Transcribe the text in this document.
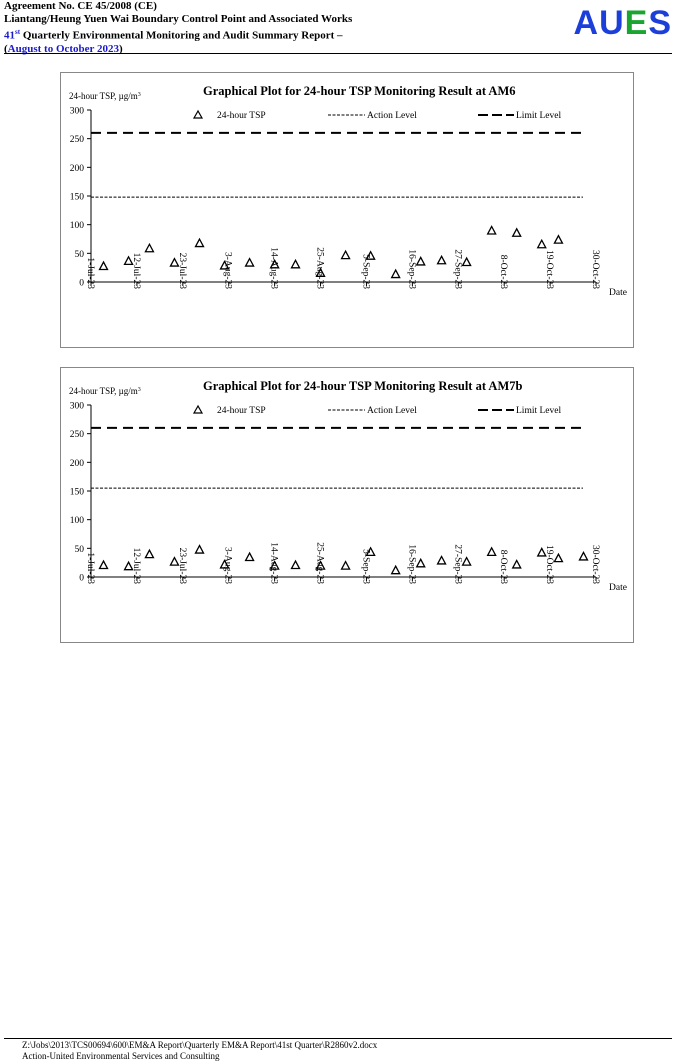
Agreement No. CE 45/2008 (CE)
Liantang/Heung Yuen Wai Boundary Control Point and Associated Works
41st Quarterly Environmental Monitoring and Audit Summary Report –
(August to October 2023)
AUES
Graphical Plot for 24-hour TSP Monitoring Result at AM6
24-hour TSP, $\mu g/m^3$
0
50
100
150
200
250
300
1-Jul-23	12-Jul-23	23-Jul-23	3-Aug-23	14-Aug-23	25-Aug-23	5-Sep-23	16-Sep-23	27-Sep-23	8-Oct-23	19-Oct-23	30-Oct-23
Date
24-hour TSP	Action Level	Limit Level
Graphical Plot for 24-hour TSP Monitoring Result at AM7b
24-hour TSP, $\mu g/m^3$
0
50
100
150
200
250
300
1-Jul-23	12-Jul-23	23-Jul-23	3-Aug-23	14-Aug-23	25-Aug-23	5-Sep-23	16-Sep-23	27-Sep-23	8-Oct-23	19-Oct-23	30-Oct-23
Date
24-hour TSP	Action Level	Limit Level
Z:\Jobs\2013\TCS00694\600\EM&A Report\Quarterly EM&A Report\41st Quarter\R2860v2.docx
Action-United Environmental Services and Consulting
